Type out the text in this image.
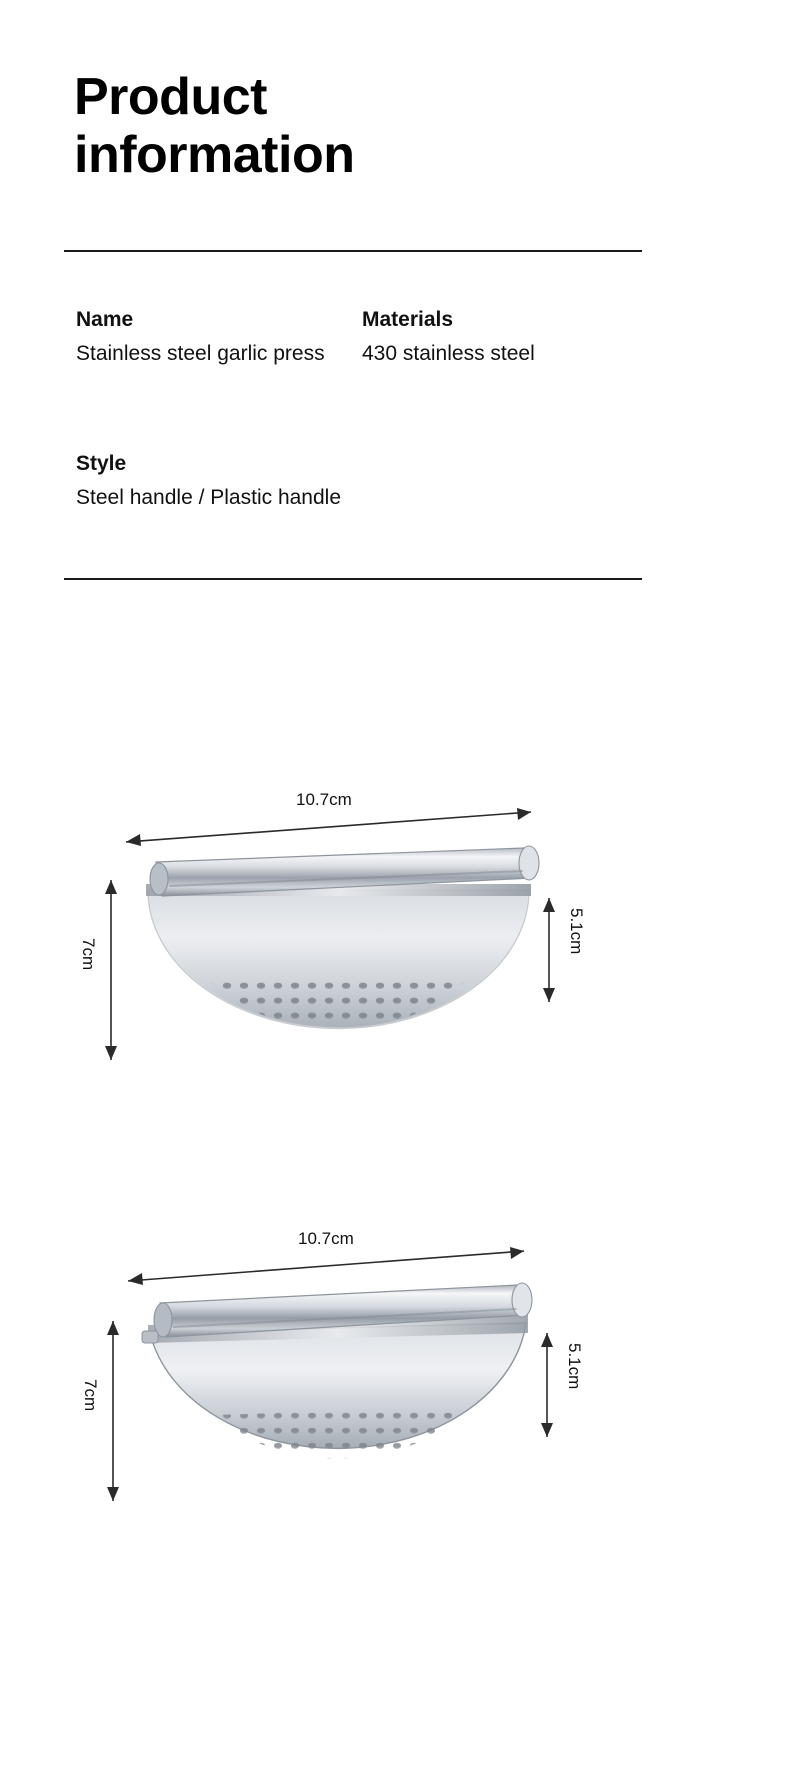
Product
information
Name
Stainless steel garlic press
Materials
430 stainless steel
Style
Steel handle / Plastic handle
10.7cm
7cm	5.1cm
10.7cm
7cm
5.1cm
